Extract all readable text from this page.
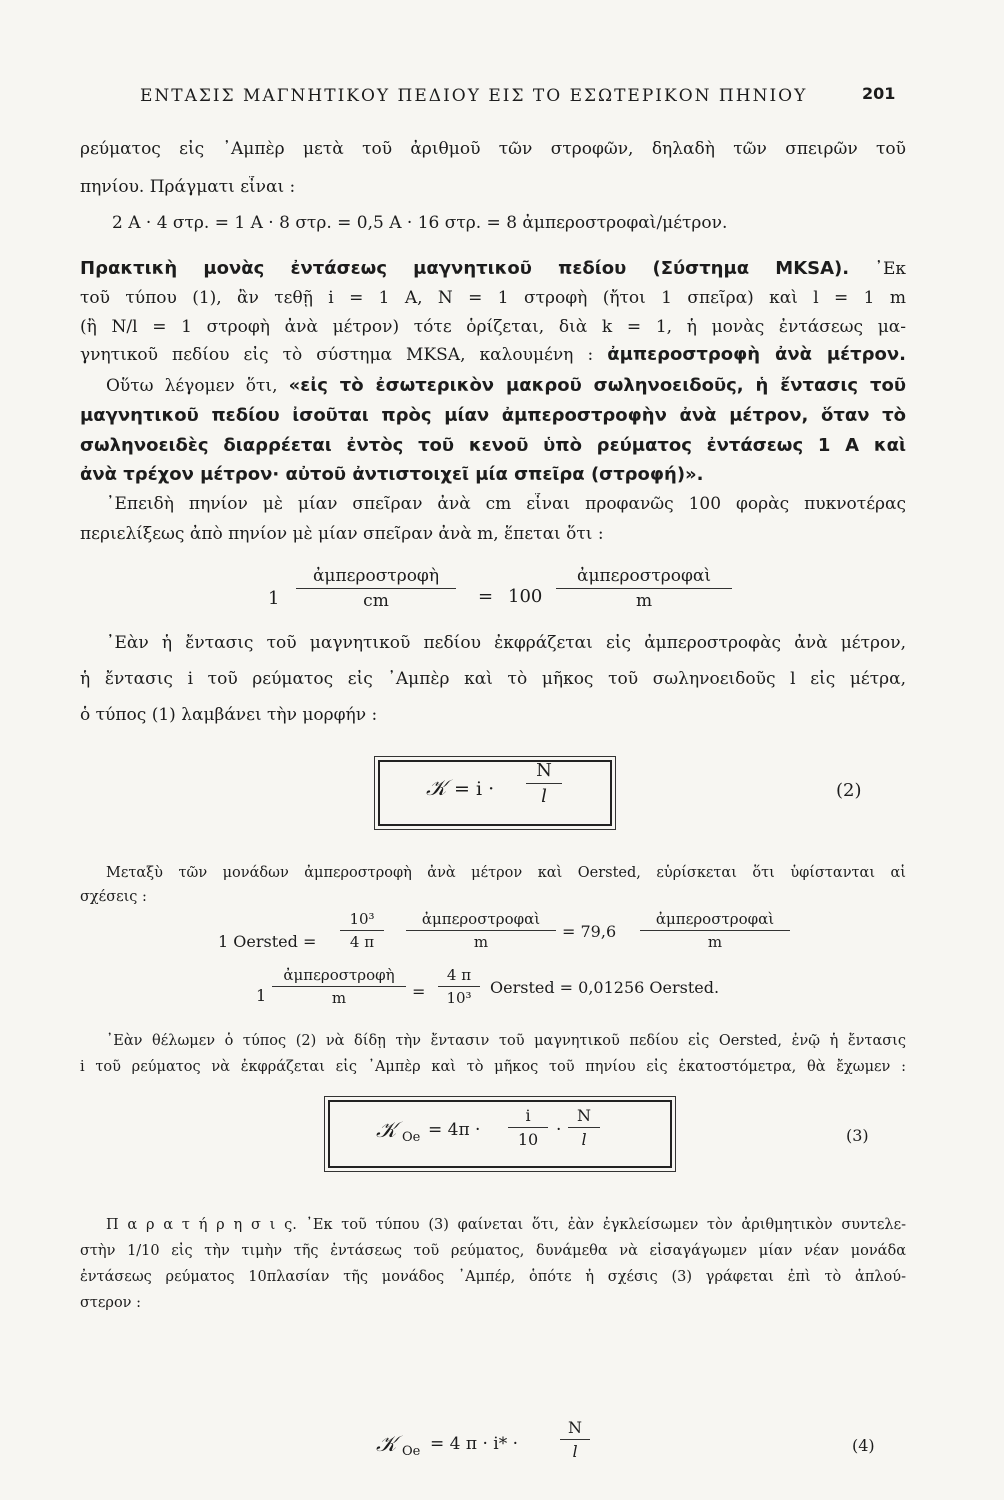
ΕΝΤΑΣΙΣ ΜΑΓΝΗΤΙΚΟΥ ΠΕΔΙΟΥ ΕΙΣ ΤΟ ΕΣΩΤΕΡΙΚΟΝ ΠΗΝΙΟΥ	201
ρεύματος εἰς ᾿Αμπὲρ μετὰ τοῦ ἀριθμοῦ τῶν στροφῶν, δηλαδὴ τῶν σπειρῶν τοῦ
πηνίου. Πράγματι εἶναι :
2 Α · 4 στρ. = 1 Α · 8 στρ. = 0,5 Α · 16 στρ. = 8 ἀμπεροστροφαὶ/μέτρον.
Πρακτικὴ μονὰς ἐντάσεως μαγνητικοῦ πεδίου (Σύστημα MKSA). ᾿Εκ
τοῦ τύπου (1), ἂν τεθῇ i = 1 A, N = 1 στροφὴ (ἤτοι 1 σπεῖρα) καὶ l = 1 m
(ἢ N/l = 1 στροφὴ ἀνὰ μέτρον) τότε ὁρίζεται, διὰ k = 1, ἡ μονὰς ἐντάσεως μα-
γνητικοῦ πεδίου εἰς τὸ σύστημα MKSA, καλουμένη : ἀμπεροστροφὴ ἀνὰ μέτρον.
Οὕτω λέγομεν ὅτι, «εἰς τὸ ἐσωτερικὸν μακροῦ σωληνοειδοῦς, ἡ ἔντασις τοῦ
μαγνητικοῦ πεδίου ἰσοῦται πρὸς μίαν ἀμπεροστροφὴν ἀνὰ μέτρον, ὅταν τὸ
σωληνοειδὲς διαρρέεται ἐντὸς τοῦ κενοῦ ὑπὸ ρεύματος ἐντάσεως 1 Α καὶ
ἀνὰ τρέχον μέτρον· αὐτοῦ ἀντιστοιχεῖ μία σπεῖρα (στροφή)».
᾿Επειδὴ πηνίον μὲ μίαν σπεῖραν ἀνὰ cm εἶναι προφανῶς 100 φορὰς πυκνοτέρας
περιελίξεως ἀπὸ πηνίον μὲ μίαν σπεῖραν ἀνὰ m, ἕπεται ὅτι :
1
ἀμπεροστροφὴ
cm	= 100
ἀμπεροστροφαὶ
m
᾿Εὰν ἡ ἔντασις τοῦ μαγνητικοῦ πεδίου ἐκφράζεται εἰς ἀμπεροστροφὰς ἀνὰ μέτρον,
ἡ ἔντασις i τοῦ ρεύματος εἰς ᾿Αμπὲρ καὶ τὸ μῆκος τοῦ σωληνοειδοῦς l εἰς μέτρα,
ὁ τύπος (1) λαμβάνει τὴν μορφήν :
𝒦 = $i \cdot \frac{N}{l}$	(2)
Μεταξὺ τῶν μονάδων ἀμπεροστροφὴ ἀνὰ μέτρον καὶ Oersted, εὑρίσκεται ὅτι ὑφίστανται αἱ
σχέσεις :
1 Oersted = $\frac{\text{10³}}{4 \pi}$	ἀμπεροστροφαὶ
m
= 79,6
ἀμπεροστροφαὶ
m
1
ἀμπεροστροφὴ
m	= $\frac{4 \pi}{\text{10³}}$ Oersted = 0,01256 Oersted.
᾿Εὰν θέλωμεν ὁ τύπος (2) νὰ δίδῃ τὴν ἔντασιν τοῦ μαγνητικοῦ πεδίου εἰς Oersted, ἐνῷ ἡ ἔντασις
i τοῦ ρεύματος νὰ ἐκφράζεται εἰς ᾿Αμπὲρ καὶ τὸ μῆκος τοῦ πηνίου εἰς ἑκατοστόμετρα, θὰ ἔχωμεν :
𝒦 $Oe = 4\pi \cdot \frac{i}{10} \cdot \frac{N}{l}$	(3)
Π α ρ α τ ή ρ η σ ι ς. ᾿Εκ τοῦ τύπου (3) φαίνεται ὅτι, ἐὰν ἐγκλείσωμεν τὸν ἀριθμητικὸν συντελε-
στὴν 1/10 εἰς τὴν τιμὴν τῆς ἐντάσεως τοῦ ρεύματος, δυνάμεθα νὰ εἰσαγάγωμεν μίαν νέαν μονάδα
ἐντάσεως ρεύματος 10πλασίαν τῆς μονάδος ᾿Αμπέρ, ὁπότε ἡ σχέσις (3) γράφεται ἐπὶ τὸ ἁπλού-
στερον :
𝒦 Oe = 4 π · i* ·	$\frac{N}{l}$	(4)
